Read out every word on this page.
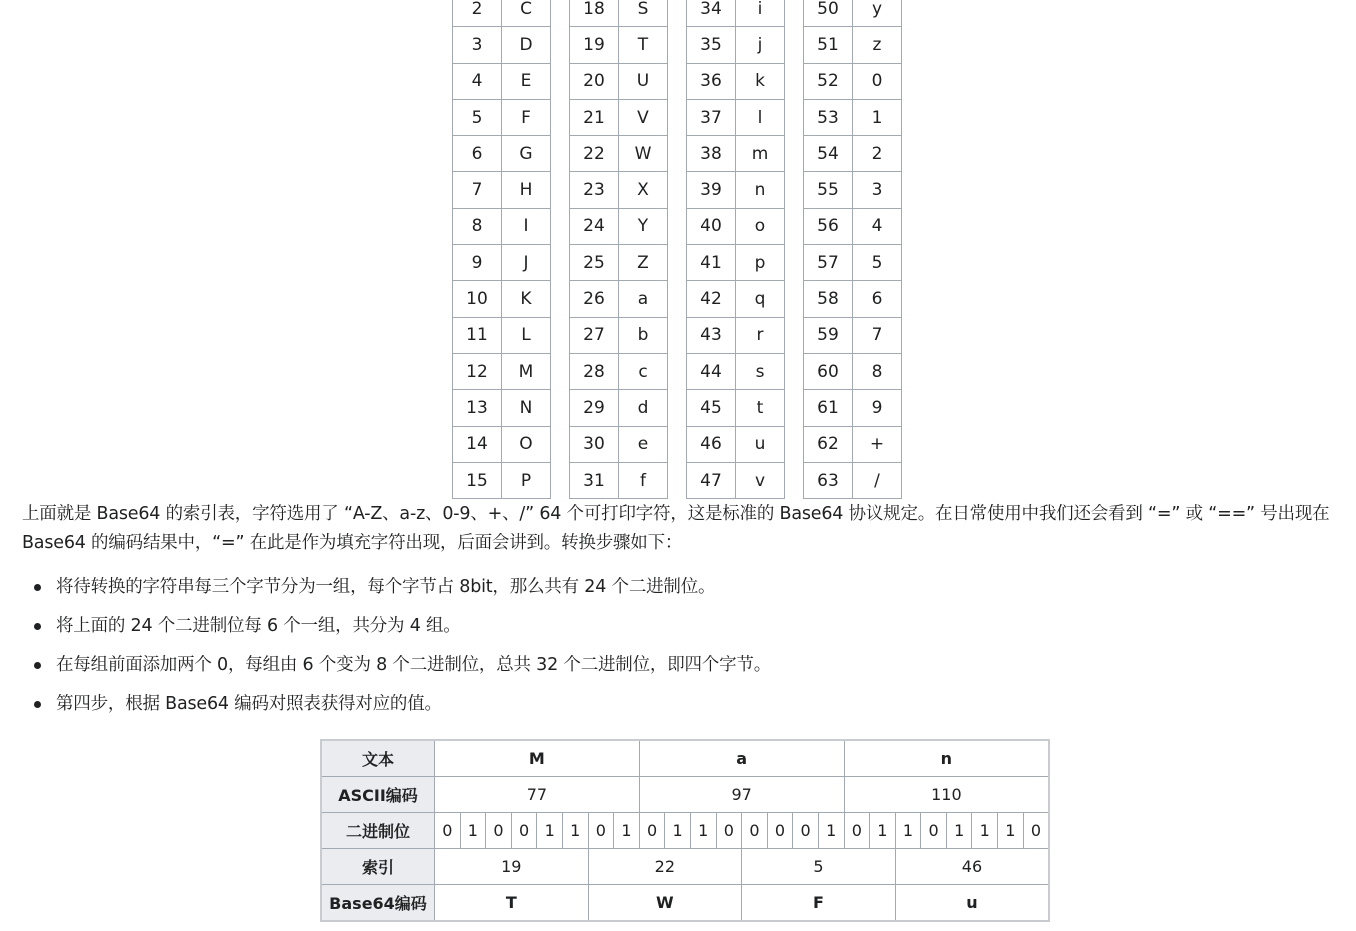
2	C		18	S		34	i		50	y
3	D		19	T		35	j		51	z
4	E		20	U		36	k		52	0
5	F		21	V		37	l		53	1
6	G		22	W		38	m		54	2
7	H		23	X		39	n		55	3
8	I		24	Y		40	o		56	4
9	J		25	Z		41	p		57	5
10	K		26	a		42	q		58	6
11	L		27	b		43	r		59	7
12	M		28	c		44	s		60	8
13	N		29	d		45	t		61	9
14	O		30	e		46	u		62	+
15	P		31	f		47	v		63	/
上面就是 Base64 的索引表，字符选用了 “A-Z、a-z、0-9、+、/” 64 个可打印字符，这是标准的 Base64 协议规定。在日常使用中我们还会看到 “=” 或 “==” 号出现在 Base64 的编码结果中，“=” 在此是作为填充字符出现，后面会讲到。转换步骤如下：
将待转换的字符串每三个字节分为一组，每个字节占 8bit，那么共有 24 个二进制位。
将上面的 24 个二进制位每 6 个一组，共分为 4 组。
在每组前面添加两个 0，每组由 6 个变为 8 个二进制位，总共 32 个二进制位，即四个字节。
第四步，根据 Base64 编码对照表获得对应的值。
文本	M								a								n							
ASCII编码	77								97								110							
二进制位	0	1	0	0	1	1	0	1	0	1	1	0	0	0	0	1	0	1	1	0	1	1	1	0
索引	19						22						5						46					
Base64编码	T						W						F						u					
